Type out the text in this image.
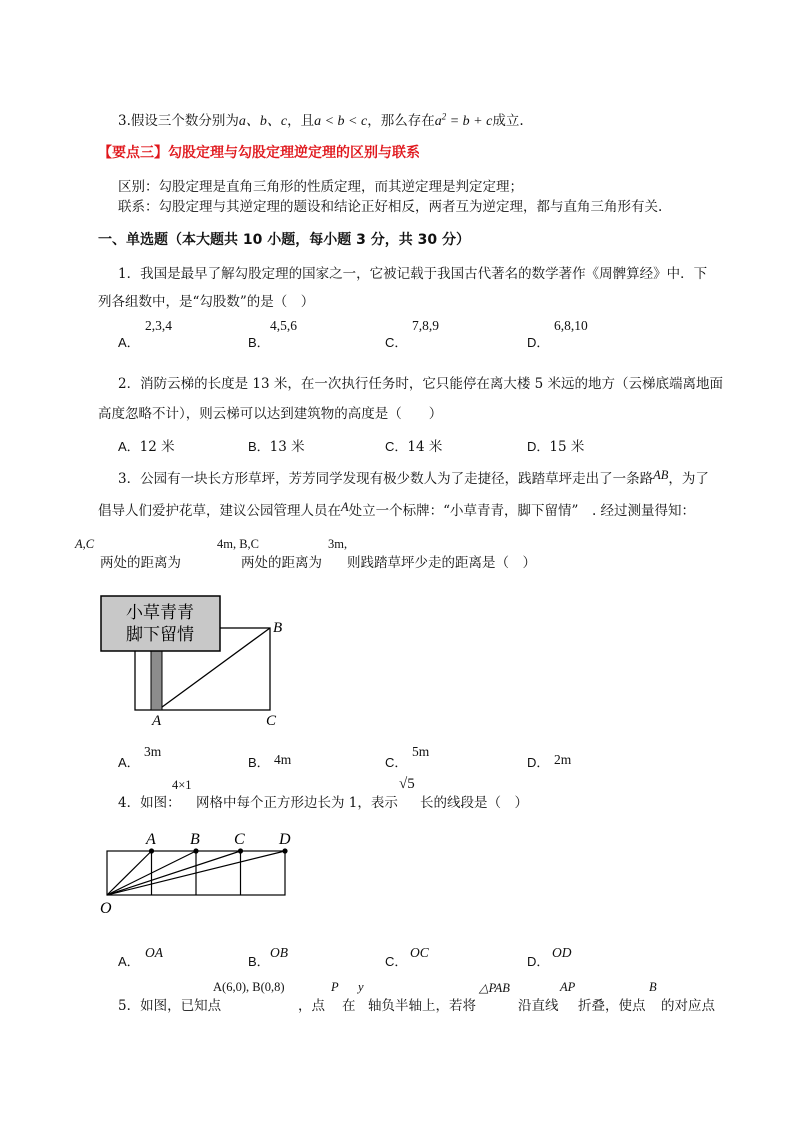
3.假设三个数分别为a、b、c，且a < b < c，那么存在$a^2 = b + c$成立.
【要点三】勾股定理与勾股定理逆定理的区别与联系
区别：勾股定理是直角三角形的性质定理，而其逆定理是判定定理；
联系：勾股定理与其逆定理的题设和结论正好相反，两者互为逆定理，都与直角三角形有关.
一、单选题（本大题共 10 小题，每小题 3 分，共 30 分）
1．我国是最早了解勾股定理的国家之一，它被记载于我国古代著名的数学著作《周髀算经》中．下
列各组数中，是“勾股数”的是（　）
A．
2,3,4
B．
4,5,6
C．
7,8,9
D．
6,8,10
2．消防云梯的长度是 13 米，在一次执行任务时，它只能停在离大楼 5 米远的地方（云梯底端离地面
高度忽略不计），则云梯可以达到建筑物的高度是（　　）
A．12 米	B．13 米	C．14 米	D．15 米
3．公园有一块长方形草坪，芳芳同学发现有极少数人为了走捷径，践踏草坪走出了一条路AB，为了
倡导人们爱护花草，建议公园管理人员在A处立一个标牌：“小草青青，脚下留情”　. 经过测量得知：
A,C
两处的距离为
4m, B,C
两处的距离为
3m,
则践踏草坪少走的距离是（　）
小草青青
脚下留情	B
A	C
A．
3m
B． 4m	C．
5m
D． 2m
4．如图：
4×1
网格中每个正方形边长为 1，表示
√5
长的线段是（　）
A B C D
O
A．
OA
B．
OB
C．
OC
D．
OD
5．如图，已知点
A(6,0), B(0,8)
，点
P
在
y
轴负半轴上，若将
△PAB
沿直线
AP
折叠，使点
B
的对应点
